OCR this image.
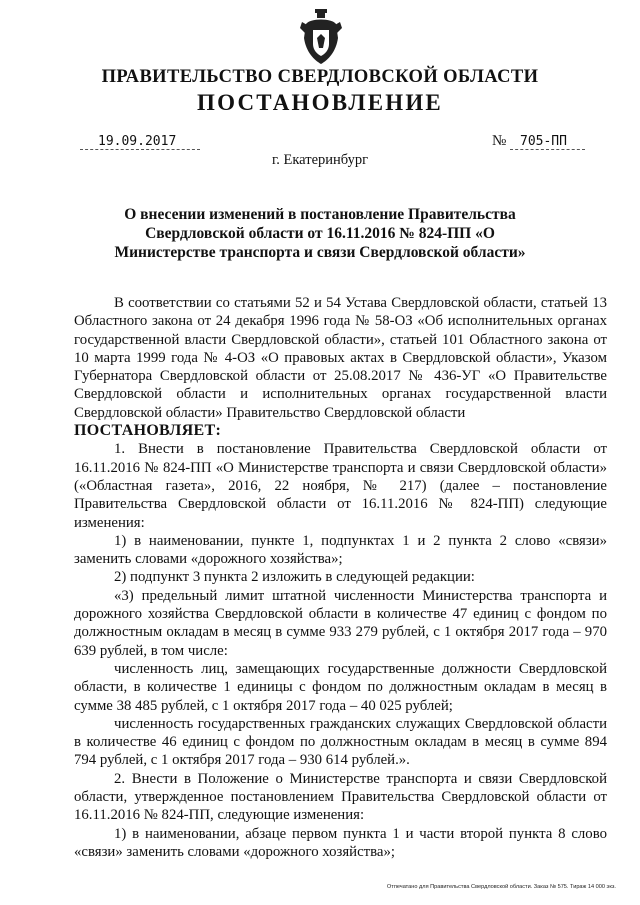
ПРАВИТЕЛЬСТВО СВЕРДЛОВСКОЙ ОБЛАСТИ
ПОСТАНОВЛЕНИЕ
19.09.2017	№	705-ПП
г. Екатеринбург
О внесении изменений в постановление Правительства Свердловской области от 16.11.2016 № 824-ПП «О Министерстве транспорта и связи Свердловской области»

В соответствии со статьями 52 и 54 Устава Свердловской области, статьей 13 Областного закона от 24 декабря 1996 года № 58-ОЗ «Об исполнительных органах государственной власти Свердловской области», статьей 101 Областного закона от 10 марта 1999 года № 4-ОЗ «О правовых актах в Свердловской области», Указом Губернатора Свердловской области от 25.08.2017 № 436-УГ «О Правительстве Свердловской области и исполнительных органах государственной власти Свердловской области» Правительство Свердловской области

ПОСТАНОВЛЯЕТ:

1. Внести в постановление Правительства Свердловской области от 16.11.2016 № 824-ПП «О Министерстве транспорта и связи Свердловской области» («Областная газета», 2016, 22 ноября, № 217) (далее – постановление Правительства Свердловской области от 16.11.2016 № 824-ПП) следующие изменения:

1) в наименовании, пункте 1, подпунктах 1 и 2 пункта 2 слово «связи» заменить словами «дорожного хозяйства»;

2) подпункт 3 пункта 2 изложить в следующей редакции:

«3) предельный лимит штатной численности Министерства транспорта и дорожного хозяйства Свердловской области в количестве 47 единиц с фондом по должностным окладам в месяц в сумме 933 279 рублей, с 1 октября 2017 года – 970 639 рублей, в том числе:

численность лиц, замещающих государственные должности Свердловской области, в количестве 1 единицы с фондом по должностным окладам в месяц в сумме 38 485 рублей, с 1 октября 2017 года – 40 025 рублей;

численность государственных гражданских служащих Свердловской области в количестве 46 единиц с фондом по должностным окладам в месяц в сумме 894 794 рублей, с 1 октября 2017 года – 930 614 рублей.».

2. Внести в Положение о Министерстве транспорта и связи Свердловской области, утвержденное постановлением Правительства Свердловской области от 16.11.2016 № 824-ПП, следующие изменения:

1) в наименовании, абзаце первом пункта 1 и части второй пункта 8 слово «связи» заменить словами «дорожного хозяйства»;

Отпечатано для Правительства Свердловской области. Заказ № 575. Тираж 14 000 экз.
